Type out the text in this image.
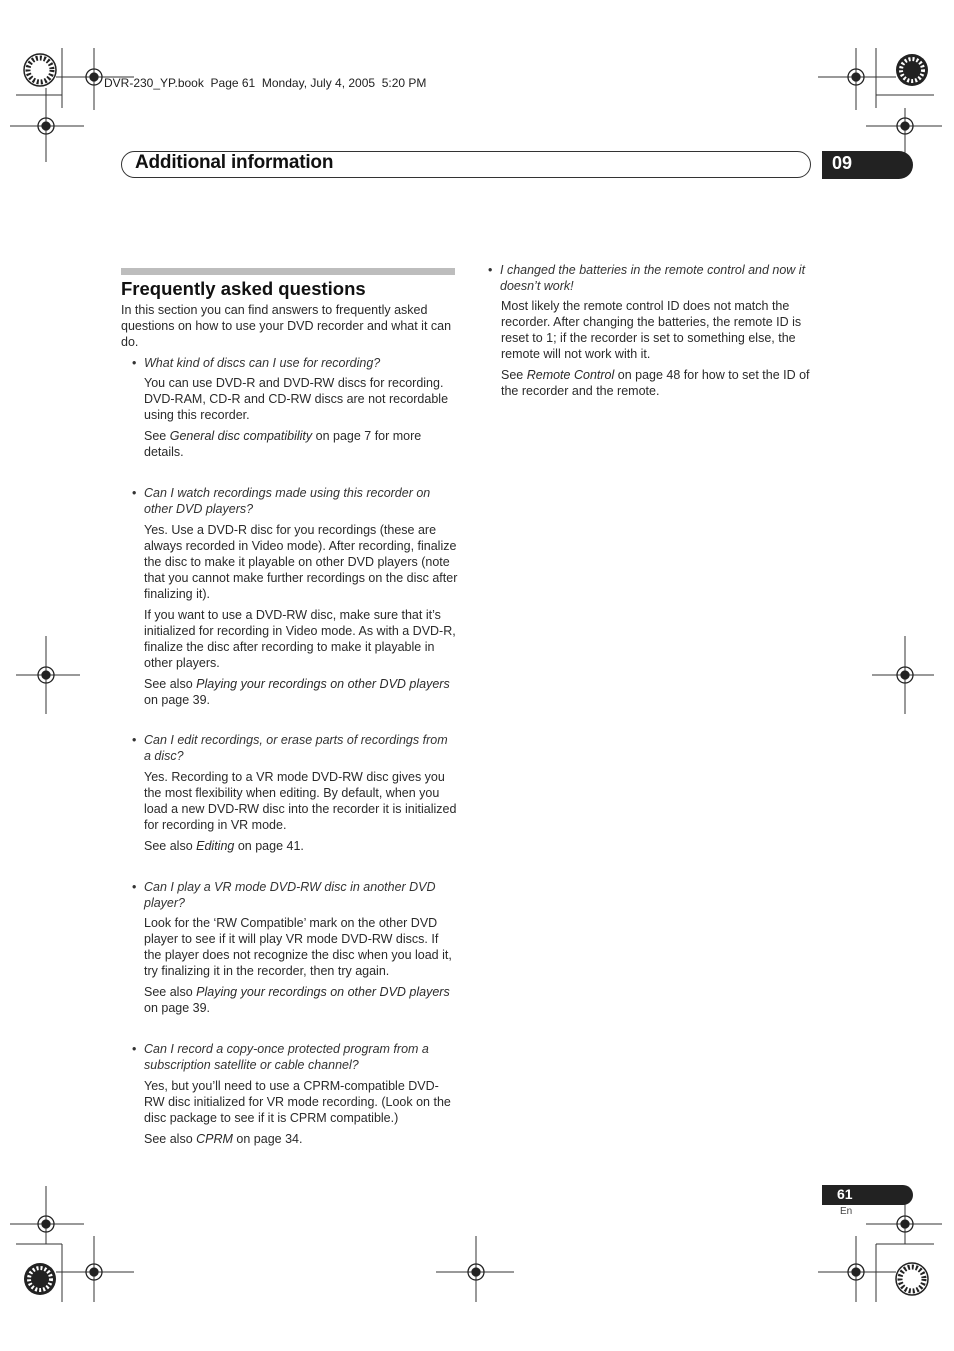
DVR-230_YP.book  Page 61  Monday, July 4, 2005  5:20 PM
Additional information	09
Frequently asked questions
In this section you can find answers to frequently asked questions on how to use your DVD recorder and what it can do.
• What kind of discs can I use for recording?

You can use DVD-R and DVD-RW discs for recording. DVD-RAM, CD-R and CD-RW discs are not recordable using this recorder.

See General disc compatibility on page 7 for more details.

• Can I watch recordings made using this recorder on other DVD players?

Yes. Use a DVD-R disc for you recordings (these are always recorded in Video mode). After recording, finalize the disc to make it playable on other DVD players (note that you cannot make further recordings on the disc after finalizing it).

If you want to use a DVD-RW disc, make sure that it’s initialized for recording in Video mode. As with a DVD-R, finalize the disc after recording to make it playable in other players.

See also Playing your recordings on other DVD players on page 39.

• Can I edit recordings, or erase parts of recordings from a disc?

Yes. Recording to a VR mode DVD-RW disc gives you the most flexibility when editing. By default, when you load a new DVD-RW disc into the recorder it is initialized for recording in VR mode.

See also Editing on page 41.

• Can I play a VR mode DVD-RW disc in another DVD player?

Look for the ‘RW Compatible’ mark on the other DVD player to see if it will play VR mode DVD-RW discs. If the player does not recognize the disc when you load it, try finalizing it in the recorder, then try again.

See also Playing your recordings on other DVD players on page 39.

• Can I record a copy-once protected program from a subscription satellite or cable channel?

Yes, but you’ll need to use a CPRM-compatible DVD-RW disc initialized for VR mode recording. (Look on the disc package to see if it is CPRM compatible.)

See also CPRM on page 34.

• I changed the batteries in the remote control and now it doesn’t work!

Most likely the remote control ID does not match the recorder. After changing the batteries, the remote ID is reset to 1; if the recorder is set to something else, the remote will not work with it.

See Remote Control on page 48 for how to set the ID of the recorder and the remote.

61
En
